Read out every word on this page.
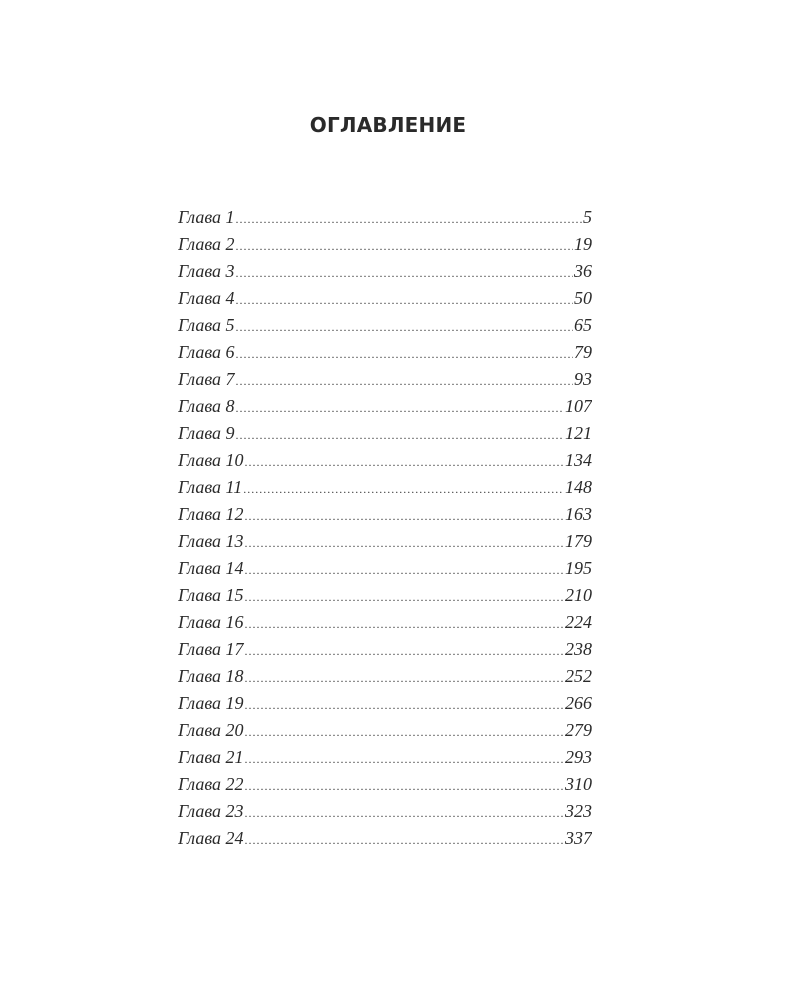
ОГЛАВЛЕНИЕ
Глава 1 .....	5
Глава 2 .....	19
Глава 3 .....	36
Глава 4 .....	50
Глава 5 .....	65
Глава 6 .....	79
Глава 7 .....	93
Глава 8 .....	107
Глава 9 .....	121
Глава 10 .....	134
Глава 11 .....	148
Глава 12 .....	163
Глава 13 .....	179
Глава 14 .....	195
Глава 15 .....	210
Глава 16 .....	224
Глава 17 .....	238
Глава 18 .....	252
Глава 19 .....	266
Глава 20 .....	279
Глава 21 .....	293
Глава 22 .....	310
Глава 23 .....	323
Глава 24 .....	337
